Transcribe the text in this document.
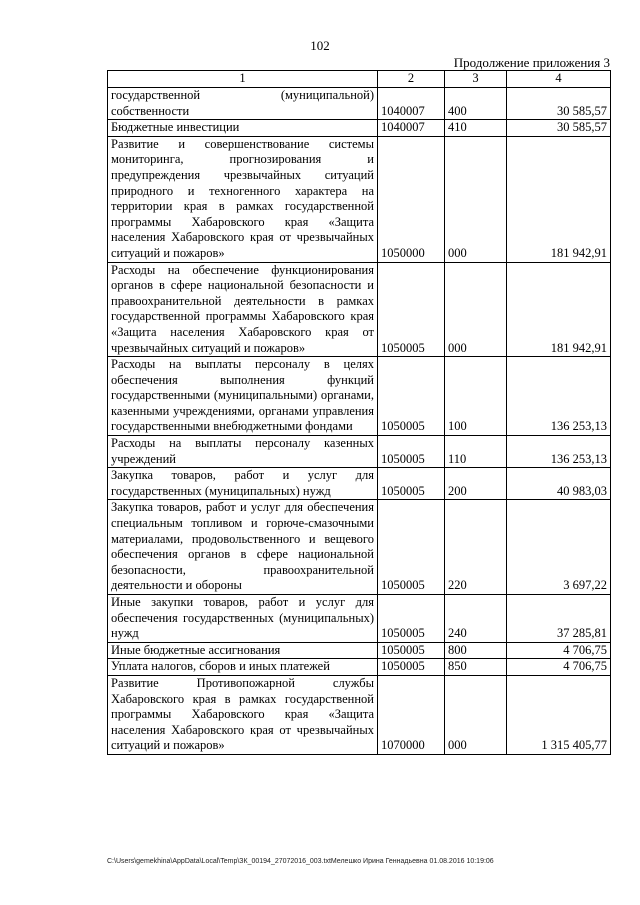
102
Продолжение приложения 3
1	2	3	4
государственной (муниципальной) собственности	1040007	400	30 585,57
Бюджетные инвестиции	1040007	410	30 585,57
Развитие и совершенствование системы мониторинга, прогнозирования и предупреждения чрезвычайных ситуаций природного и техногенного характера на территории края в рамках государственной программы Хабаровского края «Защита населения Хабаровского края от чрезвычайных ситуаций и пожаров»	1050000	000	181 942,91
Расходы на обеспечение функционирования органов в сфере национальной безопасности и правоохранительной деятельности в рамках государственной программы Хабаровского края «Защита населения Хабаровского края от чрезвычайных ситуаций и пожаров»	1050005	000	181 942,91
Расходы на выплаты персоналу в целях обеспечения выполнения функций государственными (муниципальными) органами, казенными учреждениями, органами управления государственными внебюджетными фондами	1050005	100	136 253,13
Расходы на выплаты персоналу казенных учреждений	1050005	110	136 253,13
Закупка товаров, работ и услуг для государственных (муниципальных) нужд	1050005	200	40 983,03
Закупка товаров, работ и услуг для обеспечения специальным топливом и горюче-смазочными материалами, продовольственного и вещевого обеспечения органов в сфере национальной безопасности, правоохранительной деятельности и обороны	1050005	220	3 697,22
Иные закупки товаров, работ и услуг для обеспечения государственных (муниципальных) нужд	1050005	240	37 285,81
Иные бюджетные ассигнования	1050005	800	4 706,75
Уплата налогов, сборов и иных платежей	1050005	850	4 706,75
Развитие Противопожарной службы Хабаровского края в рамках государственной программы Хабаровского края «Защита населения Хабаровского края от чрезвычайных ситуаций и пожаров»	1070000	000	1 315 405,77
C:\Users\gemekhina\AppData\Local\Temp\ЗК_00194_27072016_003.txtМелешко Ирина Геннадьевна 01.08.2016 10:19:06
